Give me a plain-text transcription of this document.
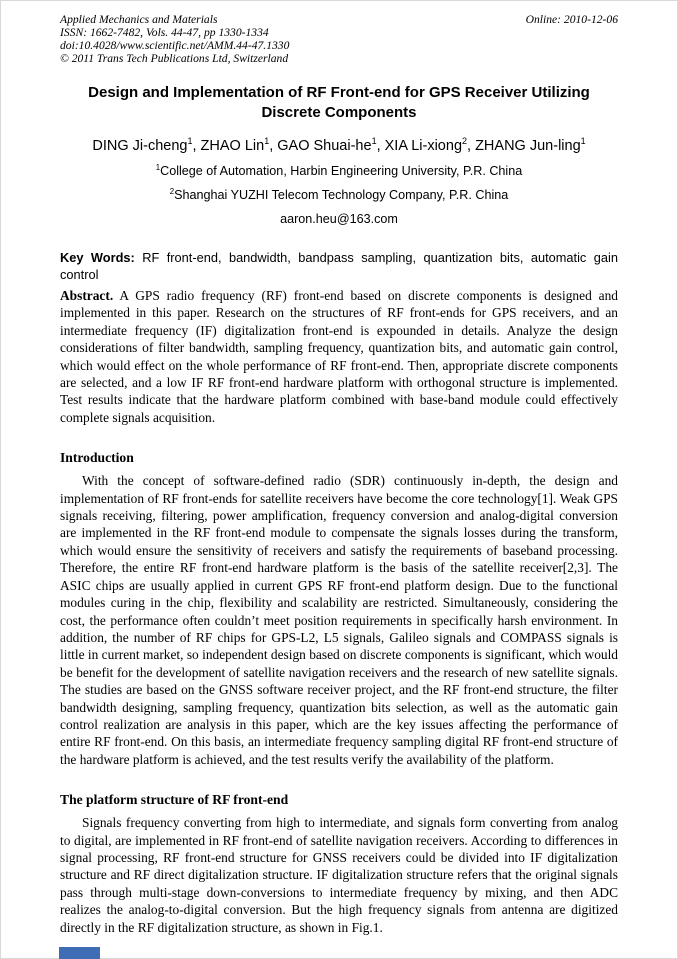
Applied Mechanics and Materials
ISSN: 1662-7482, Vols. 44-47, pp 1330-1334
doi:10.4028/www.scientific.net/AMM.44-47.1330
© 2011 Trans Tech Publications Ltd, Switzerland
Online: 2010-12-06
Design and Implementation of RF Front-end for GPS Receiver Utilizing
Discrete Components
DING Ji-cheng$^1$, ZHAO Lin$^1$, GAO Shuai-$he^1$, XIA Li-xiong$^2$, ZHANG Jun-ling$^1$
$^1$College of Automation, Harbin Engineering University, P.R. China
$^2$Shanghai YUZHI Telecom Technology Company, P.R. China
aaron.heu@163.com

Key Words: RF front-end, bandwidth, bandpass sampling, quantization bits, automatic gain control

Abstract. A GPS radio frequency (RF) front-end based on discrete components is designed and implemented in this paper. Research on the structures of RF front-ends for GPS receivers, and an intermediate frequency (IF) digitalization front-end is expounded in details. Analyze the design considerations of filter bandwidth, sampling frequency, quantization bits, and automatic gain control, which would effect on the whole performance of RF front-end. Then, appropriate discrete components are selected, and a low IF RF front-end hardware platform with orthogonal structure is implemented. Test results indicate that the hardware platform combined with base-band module could effectively complete signals acquisition.

Introduction

With the concept of software-defined radio (SDR) continuously in-depth, the design and implementation of RF front-ends for satellite receivers have become the core technology[1]. Weak GPS signals receiving, filtering, power amplification, frequency conversion and analog-digital conversion are implemented in the RF front-end module to compensate the signals losses during the transform, which would ensure the sensitivity of receivers and satisfy the requirements of baseband processing. Therefore, the entire RF front-end hardware platform is the basis of the satellite receiver[2,3]. The ASIC chips are usually applied in current GPS RF front-end platform design. Due to the functional modules curing in the chip, flexibility and scalability are restricted. Simultaneously, considering the cost, the performance often couldn’t meet position requirements in specifically harsh environment. In addition, the number of RF chips for GPS-L2, L5 signals, Galileo signals and COMPASS signals is little in current market, so independent design based on discrete components is significant, which would be benefit for the development of satellite navigation receivers and the research of new satellite signals. The studies are based on the GNSS software receiver project, and the RF front-end structure, the filter bandwidth designing, sampling frequency, quantization bits selection, as well as the automatic gain control realization are analysis in this paper, which are the key issues affecting the performance of entire RF front-end. On this basis, an intermediate frequency sampling digital RF front-end structure of the hardware platform is achieved, and the test results verify the availability of the platform.

The platform structure of RF front-end

Signals frequency converting from high to intermediate, and signals form converting from analog to digital, are implemented in RF front-end of satellite navigation receivers. According to differences in signal processing, RF front-end structure for GNSS receivers could be divided into IF digitalization structure and RF direct digitalization structure. IF digitalization structure refers that the original signals pass through multi-stage down-conversions to intermediate frequency by mixing, and then ADC realizes the analog-to-digital conversion. But the high frequency signals from antenna are digitized directly in the RF digitalization structure, as shown in Fig.1.
